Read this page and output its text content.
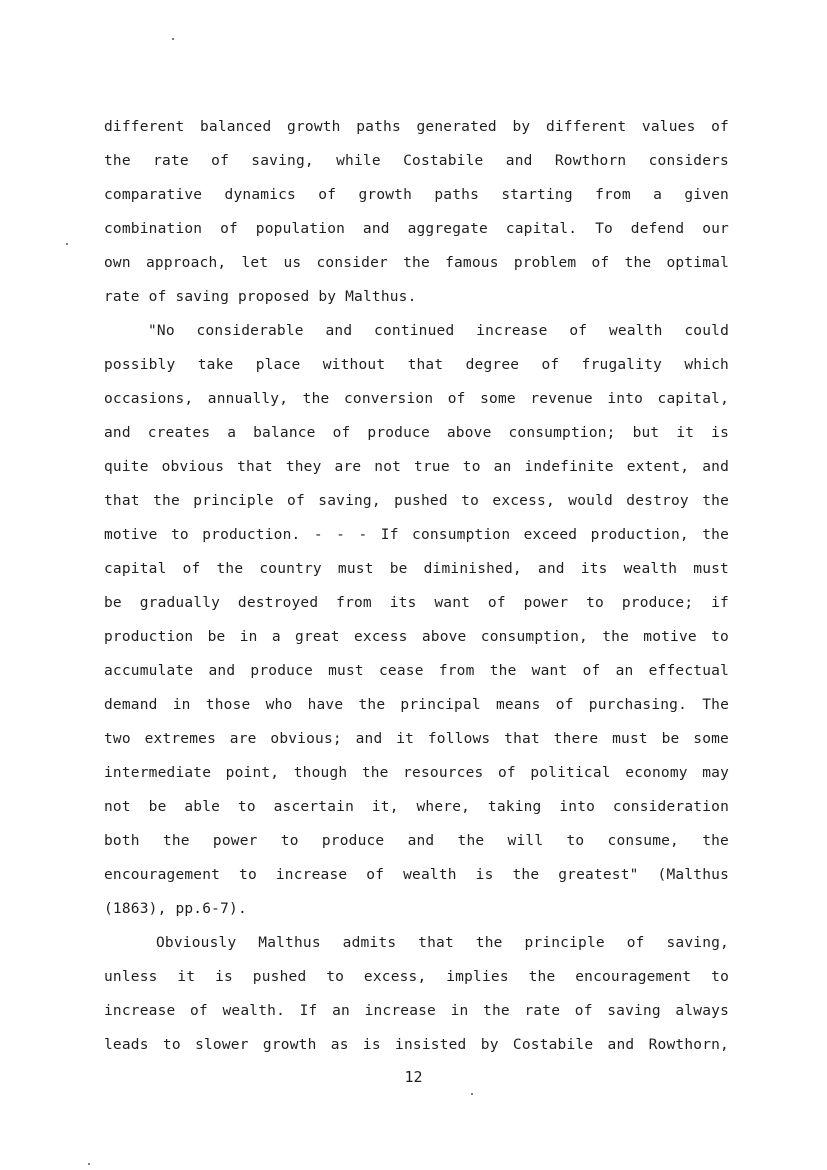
different balanced growth paths generated by different values of
the rate of saving, while Costabile and Rowthorn considers
comparative dynamics of growth paths starting from a given
combination of population and aggregate capital. To defend our
own approach, let us consider the famous problem of the optimal
rate of saving proposed by Malthus.
"No considerable and continued increase of wealth could
possibly take place without that degree of frugality which
occasions, annually, the conversion of some revenue into capital,
and creates a balance of produce above consumption; but it is
quite obvious that they are not true to an indefinite extent, and
that the principle of saving, pushed to excess, would destroy the
motive to production. - - - If consumption exceed production, the
capital of the country must be diminished, and its wealth must
be gradually destroyed from its want of power to produce; if
production be in a great excess above consumption, the motive to
accumulate and produce must cease from the want of an effectual
demand in those who have the principal means of purchasing. The
two extremes are obvious; and it follows that there must be some
intermediate point, though the resources of political economy may
not be able to ascertain it, where, taking into consideration
both the power to produce and the will to consume, the
encouragement to increase of wealth is the greatest" (Malthus
(1863), pp.6-7).
Obviously Malthus admits that the principle of saving,
unless it is pushed to excess, implies the encouragement to
increase of wealth. If an increase in the rate of saving always
leads to slower growth as is insisted by Costabile and Rowthorn,
12
